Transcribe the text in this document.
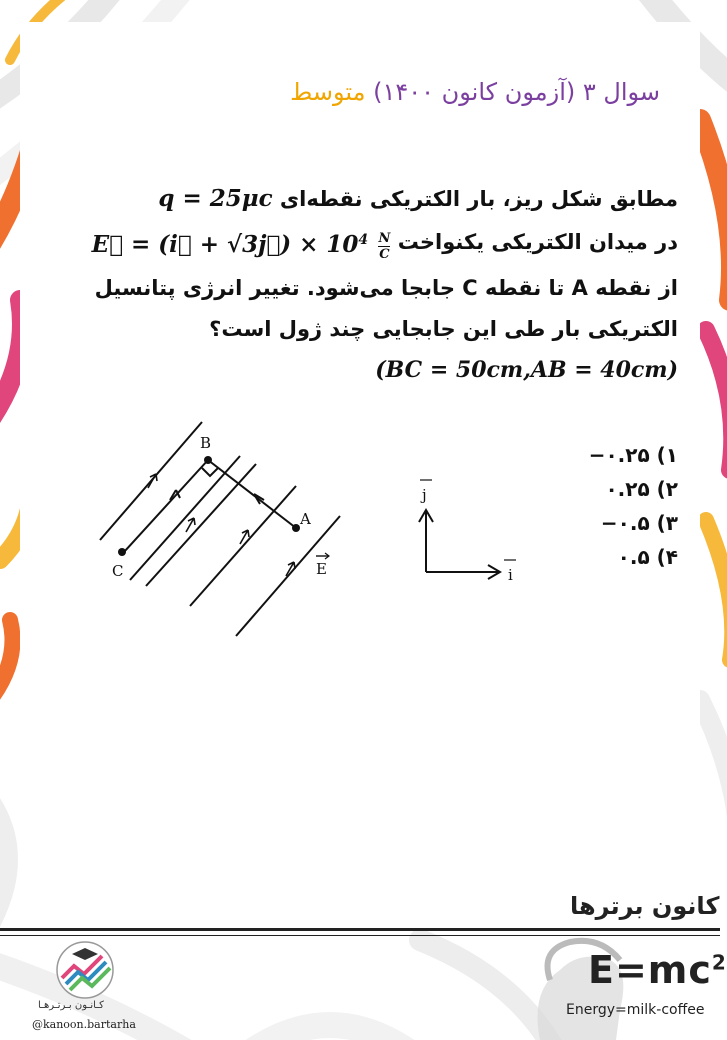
سوال ۳ (آزمون کانون ۱۴۰۰) متوسط
مطابق شکل ریز، بار الکتریکی نقطه‌ای q = 25μc
در میدان الکتریکی یکنواخت E⃗ = (i⃗ + √3j⃗) × $10^4 \frac{N}{C}$
از نقطه A تا نقطه C جابجا می‌شود. تغییر انرژی پتانسیل
الکتریکی بار طی این جابجایی چند ژول است؟
(BC = 50cm,AB = 40cm)
۱) ۰.۲۵−
۲) ۰.۲۵
۳) ۰.۵−
۴) ۰.۵
B
A
C	E
j
i
کـانـون بـرتـرهـا
@kanoon.bartarha
کانون برترها
$E=mc^2$
Energy=milk-coffee
